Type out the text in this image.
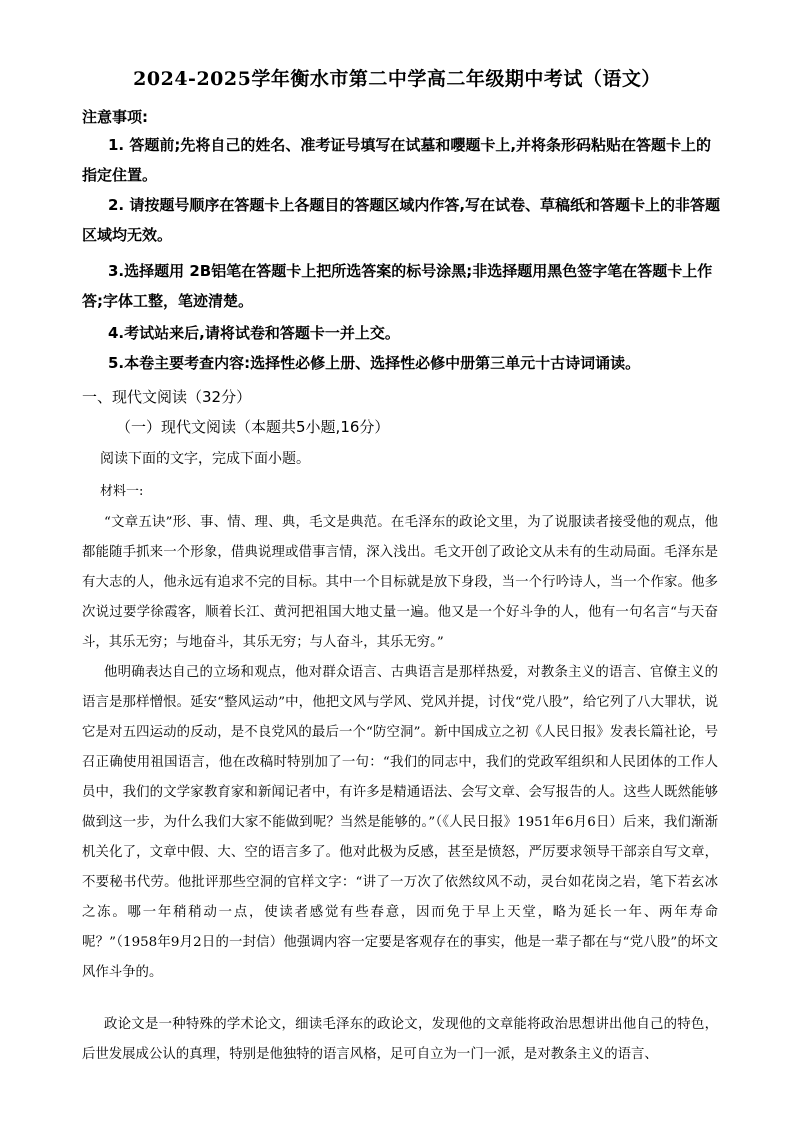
2024-2025学年衡水市第二中学高二年级期中考试（语文）
注意事项:

1. 答题前;先将自己的姓名、准考证号填写在试墓和嚶题卡上,并将条形码粘贴在答题卡上的指定住置。

2. 请按题号顺序在答题卡上各题目的答题区域内作答,写在试卷、草稿纸和答题卡上的非答题区域均无效。

3.选择题用 2B铝笔在答题卡上把所选答案的标号涂黑;非选择题用黑色签字笔在答题卡上作答;字体工整，笔迹清楚。

4.考试站来后,请将试卷和答题卡一并上交。

5.本卷主要考查内容:选择性必修上册、选择性必修中册第三单元十古诗词诵读。

一、现代文阅读（32分）
（一）现代文阅读（本题共5小题,16分）
阅读下面的文字，完成下面小题。
材料一:

“文章五诀”形、事、情、理、典，毛文是典范。在毛泽东的政论文里，为了说服读者接受他的观点，他都能随手抓来一个形象，借典说理或借事言情，深入浅出。毛文开创了政论文从未有的生动局面。毛泽东是有大志的人，他永远有追求不完的目标。其中一个目标就是放下身段，当一个行吟诗人，当一个作家。他多次说过要学徐霞客，顺着长江、黄河把祖国大地丈量一遍。他又是一个好斗争的人，他有一句名言“与天奋斗，其乐无穷；与地奋斗，其乐无穷；与人奋斗，其乐无穷。”

他明确表达自己的立场和观点，他对群众语言、古典语言是那样热爱，对教条主义的语言、官僚主义的语言是那样憎恨。延安“整风运动”中，他把文风与学风、党风并提，讨伐“党八股”，给它列了八大罪状，说它是对五四运动的反动，是不良党风的最后一个“防空洞”。新中国成立之初《人民日报》发表长篇社论，号召正确使用祖国语言，他在改稿时特别加了一句：“我们的同志中，我们的党政军组织和人民团体的工作人员中，我们的文学家教育家和新闻记者中，有许多是精通语法、会写文章、会写报告的人。这些人既然能够做到这一步，为什么我们大家不能做到呢？当然是能够的。”（《人民日报》1951年6月6日）后来，我们渐渐机关化了，文章中假、大、空的语言多了。他对此极为反感，甚至是愤怒，严厉要求领导干部亲自写文章，不要秘书代劳。他批评那些空洞的官样文字：“讲了一万次了依然纹风不动，灵台如花岗之岩，笔下若玄冰之冻。哪一年稍稍动一点，使读者感觉有些春意，因而免于早上天堂，略为延长一年、两年寿命呢？”（1958年9月2日的一封信）他强调内容一定要是客观存在的事实，他是一辈子都在与“党八股”的坏文风作斗争的。

政论文是一种特殊的学术论文，细读毛泽东的政论文，发现他的文章能将政治思想讲出他自己的特色，后世发展成公认的真理，特别是他独特的语言风格，足可自立为一门一派，是对教条主义的语言、
